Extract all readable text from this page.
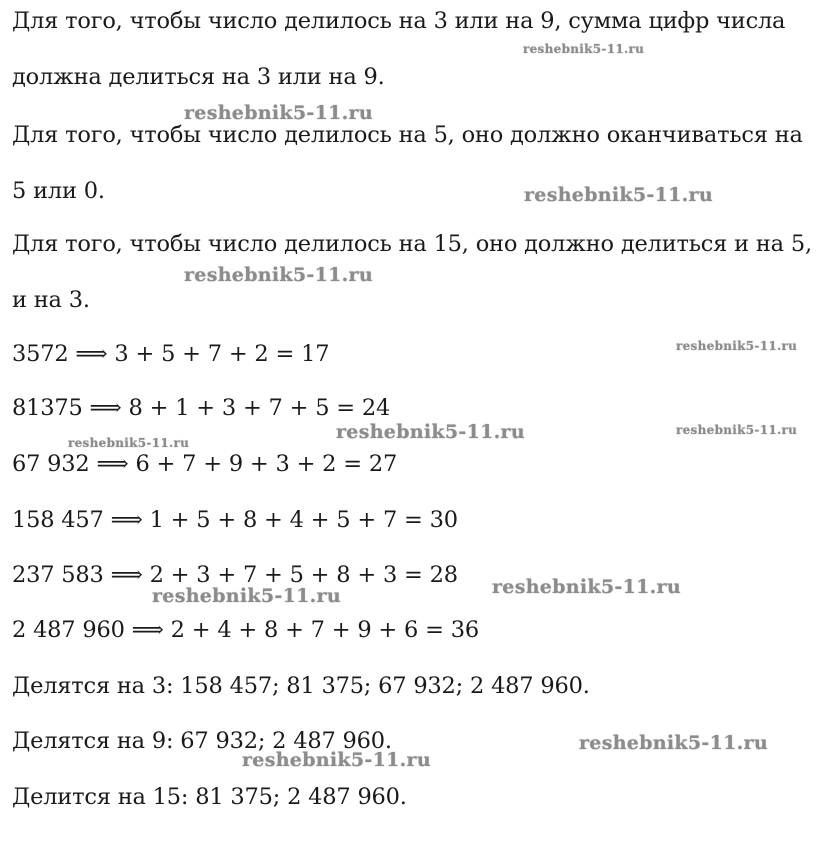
Для того, чтобы число делилось на 3 или на 9, сумма цифр числа
должна делиться на 3 или на 9.
Для того, чтобы число делилось на 5, оно должно оканчиваться на
5 или 0.
Для того, чтобы число делилось на 15, оно должно делиться и на 5,
и на 3.
3572 ⟹ 3 + 5 + 7 + 2 = 17
81375 ⟹ 8 + 1 + 3 + 7 + 5 = 24
67 932 ⟹ 6 + 7 + 9 + 3 + 2 = 27
158 457 ⟹ 1 + 5 + 8 + 4 + 5 + 7 = 30
237 583 ⟹ 2 + 3 + 7 + 5 + 8 + 3 = 28
2 487 960 ⟹ 2 + 4 + 8 + 7 + 9 + 6 = 36
Делятся на 3: 158 457; 81 375; 67 932; 2 487 960.
Делятся на 9: 67 932; 2 487 960.
Делится на 15: 81 375; 2 487 960.
reshebnik5-11.ru
reshebnik5-11.ru
reshebnik5-11.ru
reshebnik5-11.ru
reshebnik5-11.ru
reshebnik5-11.ru	reshebnik5-11.ru
reshebnik5-11.ru
reshebnik5-11.ru
reshebnik5-11.ru
reshebnik5-11.ru
reshebnik5-11.ru
